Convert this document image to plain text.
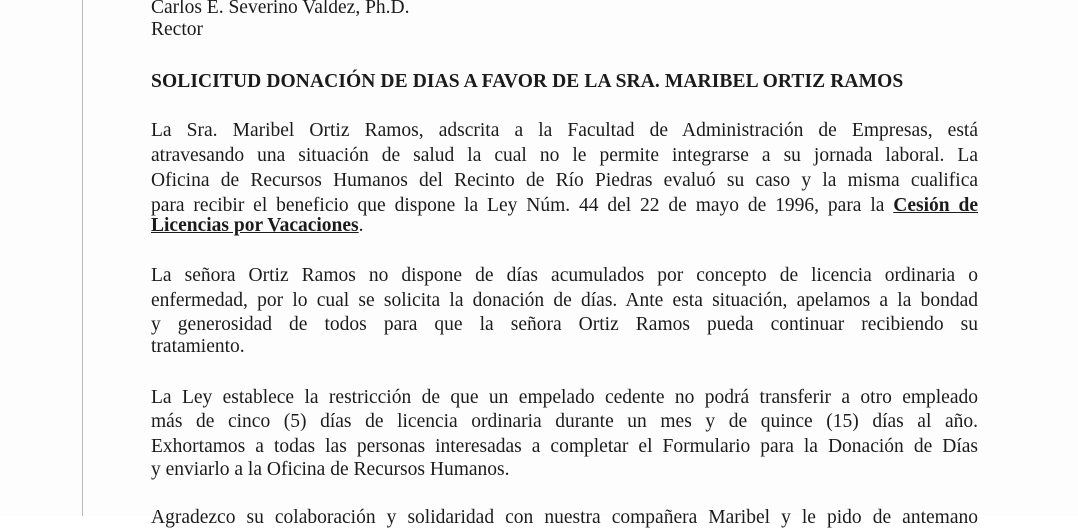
Carlos E. Severino Valdez, Ph.D.
Rector
SOLICITUD DONACIÓN DE DIAS A FAVOR DE LA SRA. MARIBEL ORTIZ RAMOS
La Sra. Maribel Ortiz Ramos, adscrita a la Facultad de Administración de Empresas, está
atravesando una situación de salud la cual no le permite integrarse a su jornada laboral. La
Oficina de Recursos Humanos del Recinto de Río Piedras evaluó su caso y la misma cualifica
para recibir el beneficio que dispone la Ley Núm. 44 del 22 de mayo de 1996, para la Cesión de
Licencias por Vacaciones.
La señora Ortiz Ramos no dispone de días acumulados por concepto de licencia ordinaria o
enfermedad, por lo cual se solicita la donación de días. Ante esta situación, apelamos a la bondad
y generosidad de todos para que la señora Ortiz Ramos pueda continuar recibiendo su
tratamiento.
La Ley establece la restricción de que un empelado cedente no podrá transferir a otro empleado
más de cinco (5) días de licencia ordinaria durante un mes y de quince (15) días al año.
Exhortamos a todas las personas interesadas a completar el Formulario para la Donación de Días
y enviarlo a la Oficina de Recursos Humanos.
Agradezco su colaboración y solidaridad con nuestra compañera Maribel y le pido de antemano
